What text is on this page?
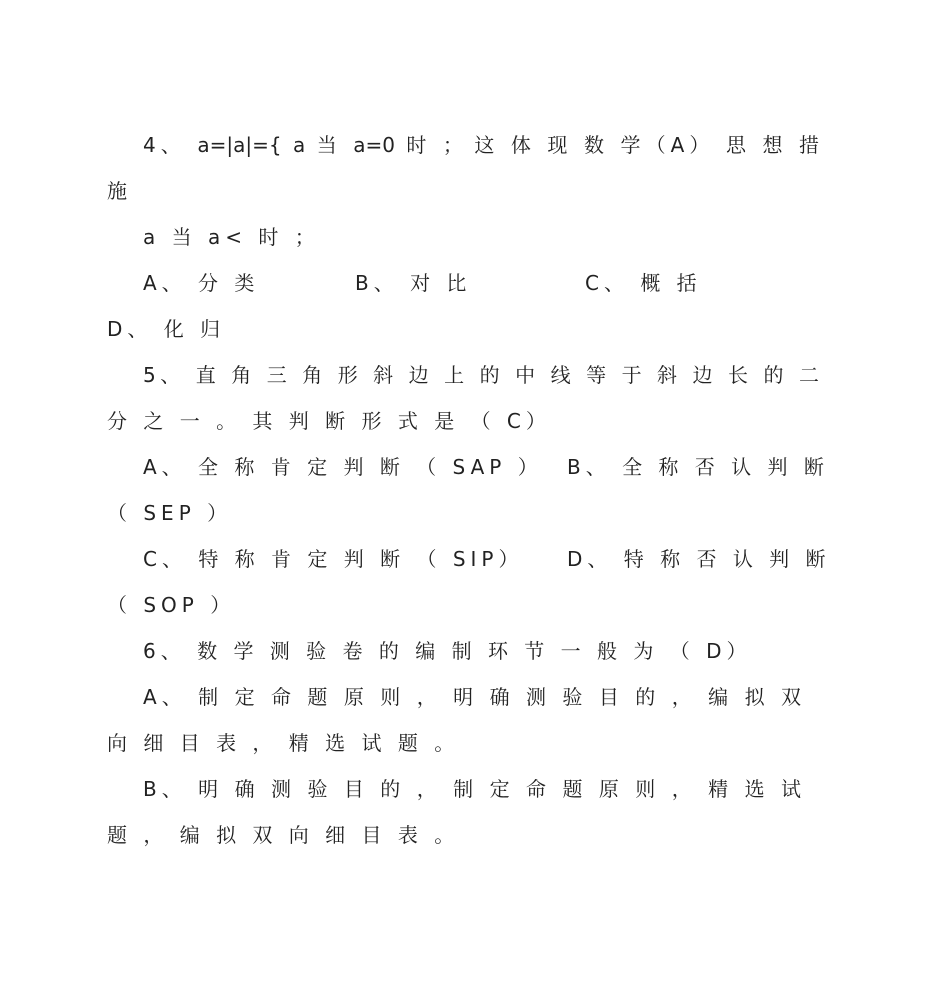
4、 a=|a|={ a 当 a=0 时 ； 这 体 现 数 学（A） 思 想 措
施
a 当 a< 时 ；
A、 分 类	B、 对 比	C、 概 括
D、 化 归
5、 直 角 三 角 形 斜 边 上 的 中 线 等 于 斜 边 长 的 二
分 之 一 。 其 判 断 形 式 是 （ C）
A、 全 称 肯 定 判 断 （ SAP ） B、 全 称 否 认 判 断
（ SEP ）
C、 特 称 肯 定 判 断 （ SIP） D、 特 称 否 认 判 断
（ SOP ）
6、 数 学 测 验 卷 的 编 制 环 节 一 般 为 （ D）
A、 制 定 命 题 原 则 ， 明 确 测 验 目 的 ， 编 拟 双
向 细 目 表 ， 精 选 试 题 。
B、 明 确 测 验 目 的 ， 制 定 命 题 原 则 ， 精 选 试
题 ， 编 拟 双 向 细 目 表 。
